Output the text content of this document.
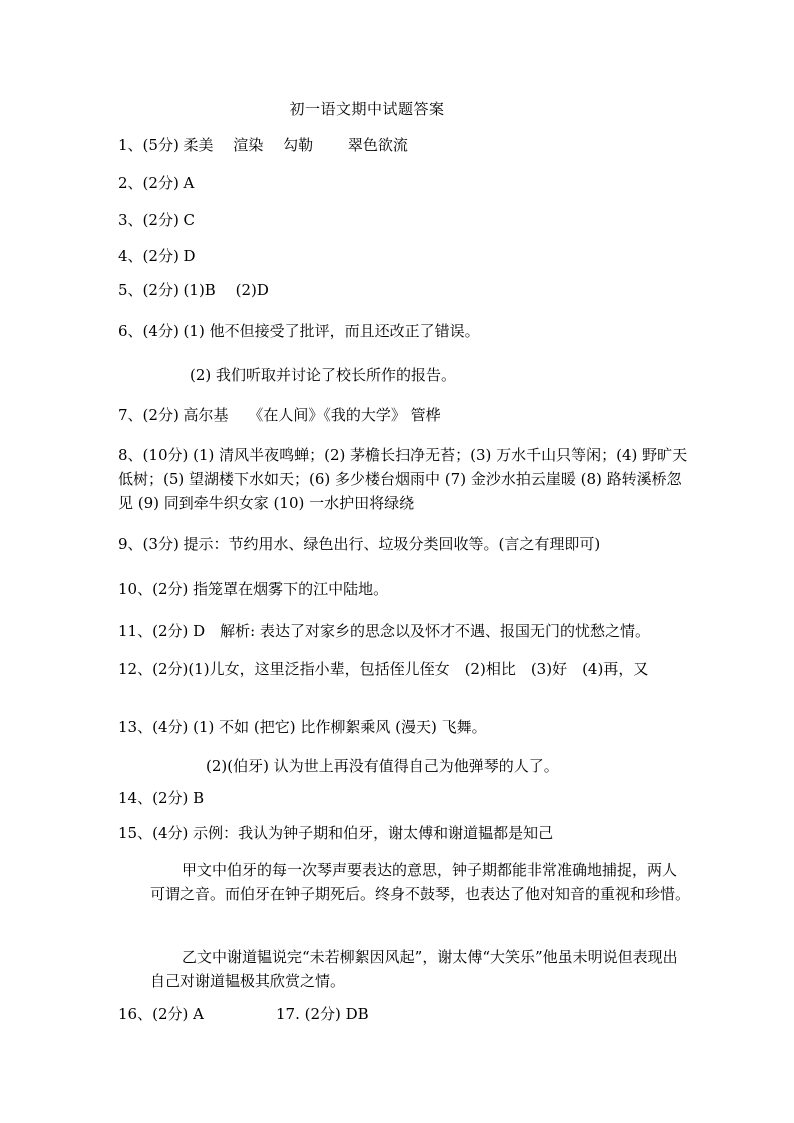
初一语文期中试题答案
1、(5分) 柔美　 渲染　 勾勒　　 翠色欲流
2、(2分) A
3、(2分) C
4、(2分) D
5、(2分) (1)B　 (2)D
6、(4分) (1) 他不但接受了批评，而且还改正了错误。
(2) 我们听取并讨论了校长所作的报告。
7、(2分) 高尔基　 《在人间》《我的大学》 管桦
8、(10分) (1) 清风半夜鸣蝉；(2) 茅檐长扫净无苔；(3) 万水千山只等闲；(4) 野旷天低树；(5) 望湖楼下水如天；(6) 多少楼台烟雨中 (7) 金沙水拍云崖暖 (8) 路转溪桥忽见 (9) 同到牵牛织女家 (10) 一水护田将绿绕
9、(3分) 提示：节约用水、绿色出行、垃圾分类回收等。(言之有理即可)
10、(2分) 指笼罩在烟雾下的江中陆地。
11、(2分) D　解析: 表达了对家乡的思念以及怀才不遇、报国无门的忧愁之情。
12、(2分)(1)儿女，这里泛指小辈，包括侄儿侄女　(2)相比　(3)好　(4)再，又
13、(4分) (1) 不如 (把它) 比作柳絮乘风 (漫天) 飞舞。
(2)(伯牙) 认为世上再没有值得自己为他弹琴的人了。
14、(2分) B
15、(4分) 示例：我认为钟子期和伯牙，谢太傅和谢道韫都是知己
甲文中伯牙的每一次琴声要表达的意思，钟子期都能非常准确地捕捉，两人可谓之音。而伯牙在钟子期死后。终身不鼓琴，也表达了他对知音的重视和珍惜。
乙文中谢道韫说完“未若柳絮因风起”，谢太傅“大笑乐”他虽未明说但表现出自己对谢道韫极其欣赏之情。
16、(2分) A	17. (2分) DB
